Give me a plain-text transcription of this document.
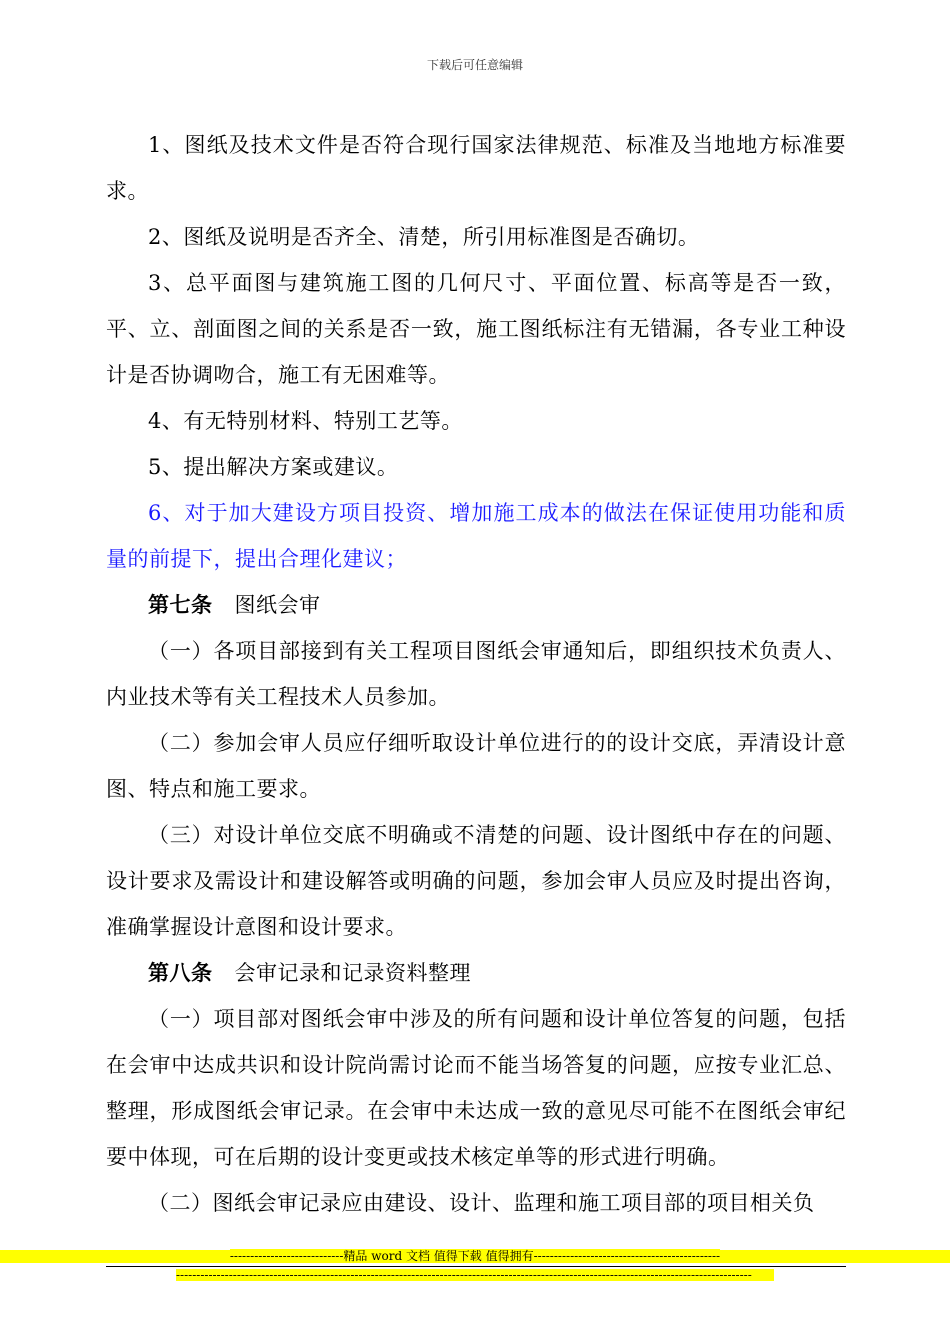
下载后可任意编辑

1、图纸及技术文件是否符合现行国家法律规范、标准及当地地方标准要求。

2、图纸及说明是否齐全、清楚，所引用标准图是否确切。

3、总平面图与建筑施工图的几何尺寸、平面位置、标高等是否一致，平、立、剖面图之间的关系是否一致，施工图纸标注有无错漏，各专业工种设计是否协调吻合，施工有无困难等。

4、有无特别材料、特别工艺等。

5、提出解决方案或建议。

6、对于加大建设方项目投资、增加施工成本的做法在保证使用功能和质量的前提下，提出合理化建议；

第七条 图纸会审

（一）各项目部接到有关工程项目图纸会审通知后，即组织技术负责人、内业技术等有关工程技术人员参加。

（二）参加会审人员应仔细听取设计单位进行的的设计交底，弄清设计意图、特点和施工要求。

（三）对设计单位交底不明确或不清楚的问题、设计图纸中存在的问题、设计要求及需设计和建设解答或明确的问题，参加会审人员应及时提出咨询，准确掌握设计意图和设计要求。

第八条 会审记录和记录资料整理

（一）项目部对图纸会审中涉及的所有问题和设计单位答复的问题，包括在会审中达成共识和设计院尚需讨论而不能当场答复的问题，应按专业汇总、整理，形成图纸会审记录。在会审中未达成一致的意见尽可能不在图纸会审纪要中体现，可在后期的设计变更或技术核定单等的形式进行明确。

（二）图纸会审记录应由建设、设计、监理和施工项目部的项目相关负

----------------------------精品 word 文档 值得下载 值得拥有----------------------------------------------
----------------------------------------------------------------------------------------------------------------------------------------------
